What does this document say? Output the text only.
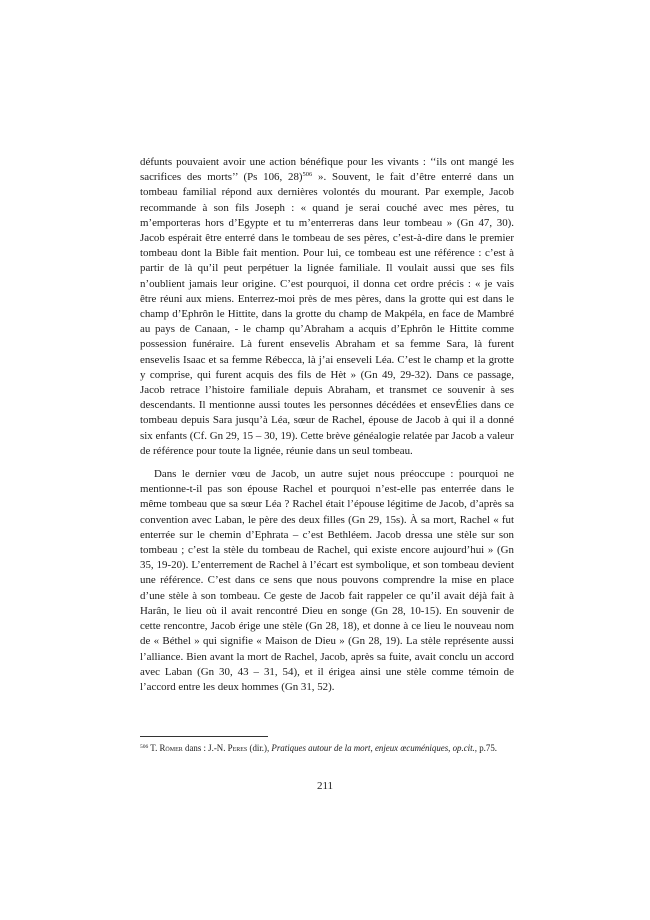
défunts pouvaient avoir une action bénéfique pour les vivants : ‘‘ils ont mangé les sacrifices des morts’’ (Ps 106, 28)$^{506}$ ». Souvent, le fait d’être enterré dans un tombeau familial répond aux dernières volontés du mourant. Par exemple, Jacob recommande à son fils Joseph : « quand je serai couché avec mes pères, tu m’emporteras hors d’Egypte et tu m’enterreras dans leur tombeau » (Gn 47, 30). Jacob espérait être enterré dans le tombeau de ses pères, c’est-à-dire dans le premier tombeau dont la Bible fait mention. Pour lui, ce tombeau est une référence : c’est à partir de là qu’il peut perpétuer la lignée familiale. Il voulait aussi que ses fils n’oublient jamais leur origine. C’est pourquoi, il donna cet ordre précis : « je vais être réuni aux miens. Enterrez-moi près de mes pères, dans la grotte qui est dans le champ d’Ephrôn le Hittite, dans la grotte du champ de Makpéla, en face de Mambré au pays de Canaan, - le champ qu’Abraham a acquis d’Ephrôn le Hittite comme possession funéraire. Là furent ensevelis Abraham et sa femme Sara, là furent ensevelis Isaac et sa femme Rébecca, là j’ai enseveli Léa. C’est le champ et la grotte y comprise, qui furent acquis des fils de Hèt » (Gn 49, 29-32). Dans ce passage, Jacob retrace l’histoire familiale depuis Abraham, et transmet ce souvenir à ses descendants. Il mentionne aussi toutes les personnes décédées et ensevÉlies dans ce tombeau depuis Sara jusqu’à Léa, sœur de Rachel, épouse de Jacob à qui il a donné six enfants (Cf. Gn 29, 15 – 30, 19). Cette brève généalogie relatée par Jacob a valeur de référence pour toute la lignée, réunie dans un seul tombeau.
Dans le dernier vœu de Jacob, un autre sujet nous préoccupe : pourquoi ne mentionne-t-il pas son épouse Rachel et pourquoi n’est-elle pas enterrée dans le même tombeau que sa sœur Léa ? Rachel était l’épouse légitime de Jacob, d’après sa convention avec Laban, le père des deux filles (Gn 29, 15s). À sa mort, Rachel « fut enterrée sur le chemin d’Ephrata – c’est Bethléem. Jacob dressa une stèle sur son tombeau ; c’est la stèle du tombeau de Rachel, qui existe encore aujourd’hui » (Gn 35, 19-20). L’enterrement de Rachel à l’écart est symbolique, et son tombeau devient une référence. C’est dans ce sens que nous pouvons comprendre la mise en place d’une stèle à son tombeau. Ce geste de Jacob fait rappeler ce qu’il avait déjà fait à Harân, le lieu où il avait rencontré Dieu en songe (Gn 28, 10-15). En souvenir de cette rencontre, Jacob érige une stèle (Gn 28, 18), et donne à ce lieu le nouveau nom de « Béthel » qui signifie « Maison de Dieu » (Gn 28, 19). La stèle représente aussi l’alliance. Bien avant la mort de Rachel, Jacob, après sa fuite, avait conclu un accord avec Laban (Gn 30, 43 – 31, 54), et il érigea ainsi une stèle comme témoin de l’accord entre les deux hommes (Gn 31, 52).
$^{506}$ T. Römer dans : J.-N. Peres (dir.), Pratiques autour de la mort, enjeux œcuméniques, op.cit., p.75.
211
